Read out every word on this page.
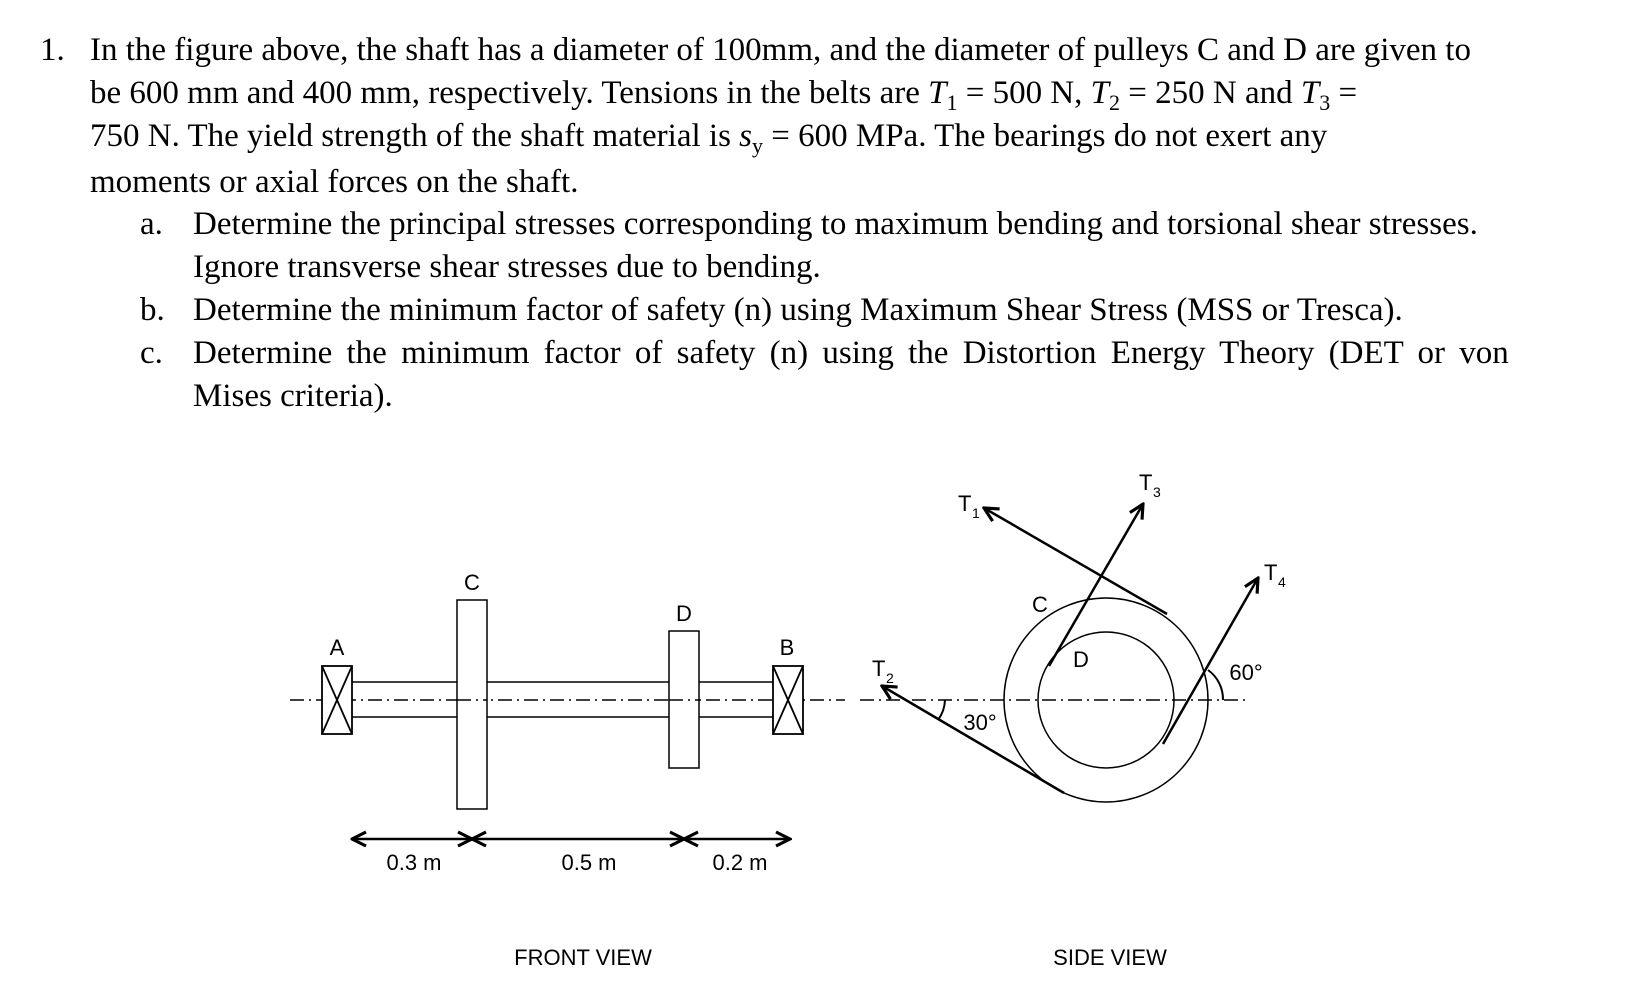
1. In the figure above, the shaft has a diameter of 100mm, and the diameter of pulleys C and D are given to
be 600 mm and 400 mm, respectively. Tensions in the belts are $T_1 = 500$ N, $T_2 = 250$ N and $T_3$ =
750 N. The yield strength of the shaft material is $s_y = 600$ MPa. The bearings do not exert any
moments or axial forces on the shaft.
a. Determine the principal stresses corresponding to maximum bending and torsional shear stresses.
Ignore transverse shear stresses due to bending.
b. Determine the minimum factor of safety (n) using Maximum Shear Stress (MSS or Tresca).
c. Determine the minimum factor of safety (n) using the Distortion Energy Theory (DET or von
Mises criteria).
A
C
D
B
0.3 m	0.5 m	0.2 m
FRONT VIEW
30°
60°
C
D
T 1
T 2
T 3
T 4
SIDE VIEW
